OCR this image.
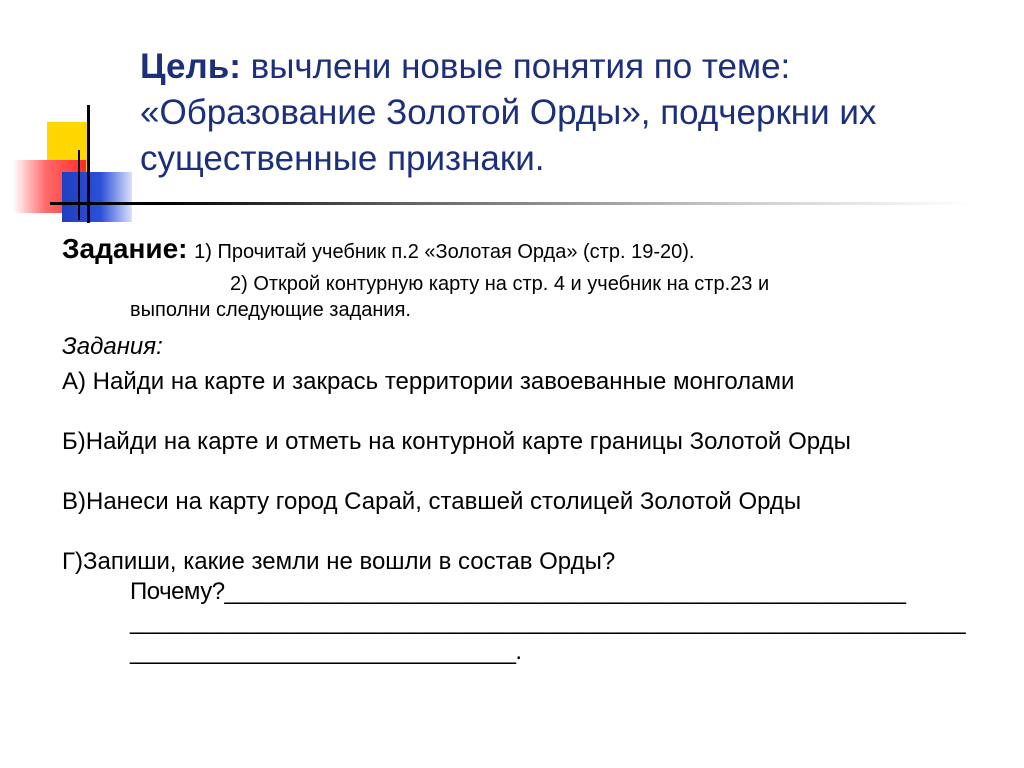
Цель: вычлени новые понятия по теме:
«Образование Золотой Орды», подчеркни их
существенные признаки.
Задание: 1) Прочитай учебник п.2 «Золотая Орда» (стр. 19-20).
2) Открой контурную карту на стр. 4 и учебник на стр.23 и
выполни следующие задания.
Задания:
А) Найди на карте и закрась территории завоеванные монголами
Б)Найди на карте и отметь на контурной карте границы Золотой Орды
В)Нанеси на карту город Сарай, ставшей столицей Золотой Орды
Г)Запиши, какие земли не вошли в состав Орды?
Почему?_____________________________________________________
_________________________________________________________________
______________________________.
